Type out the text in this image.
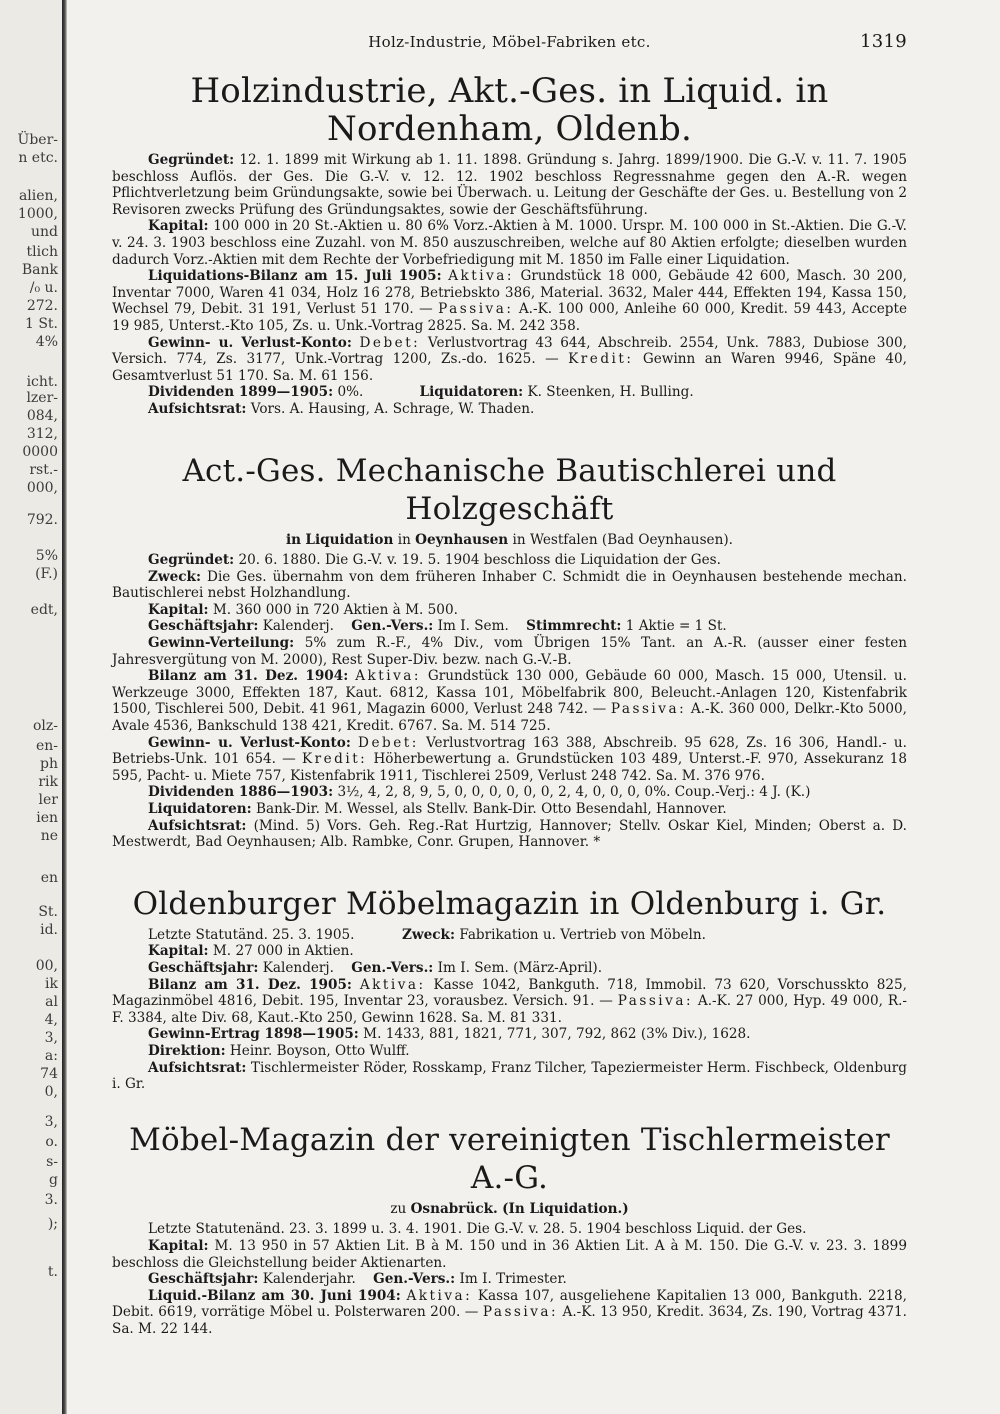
Über-
n etc.
alien,
1000,
und
tlich
Bank
/₀ u.
272.
1 St.
4%
icht.
lzer-
084,
312,
0000
rst.-
000,
792.
5%
(F.)
edt,
olz-
en-
ph
rik
ler
ien
ne
en
St.
id.
00,
ik
al
4,
3,
a:
74
0,
3,
o.
s-
g
3.
);
t.
Holz-Industrie, Möbel-Fabriken etc.	1319
Holzindustrie, Akt.-Ges. in Liquid. in Nordenham, Oldenb.

Gegründet: 12. 1. 1899 mit Wirkung ab 1. 11. 1898. Gründung s. Jahrg. 1899/1900. Die G.-V. v. 11. 7. 1905 beschloss Auflös. der Ges. Die G.-V. v. 12. 12. 1902 beschloss Regressnahme gegen den A.-R. wegen Pflichtverletzung beim Gründungsakte, sowie bei Überwach. u. Leitung der Geschäfte der Ges. u. Bestellung von 2 Revisoren zwecks Prüfung des Gründungsaktes, sowie der Geschäftsführung.

Kapital: 100 000 in 20 St.-Aktien u. 80 6% Vorz.-Aktien à M. 1000. Urspr. M. 100 000 in St.-Aktien. Die G.-V. v. 24. 3. 1903 beschloss eine Zuzahl. von M. 850 auszuschreiben, welche auf 80 Aktien erfolgte; dieselben wurden dadurch Vorz.-Aktien mit dem Rechte der Vorbefriedigung mit M. 1850 im Falle einer Liquidation.

Liquidations-Bilanz am 15. Juli 1905: Aktiva: Grundstück 18 000, Gebäude 42 600, Masch. 30 200, Inventar 7000, Waren 41 034, Holz 16 278, Betriebskto 386, Material. 3632, Maler 444, Effekten 194, Kassa 150, Wechsel 79, Debit. 31 191, Verlust 51 170. — Passiva: A.-K. 100 000, Anleihe 60 000, Kredit. 59 443, Accepte 19 985, Unterst.-Kto 105, Zs. u. Unk.-Vortrag 2825. Sa. M. 242 358.

Gewinn- u. Verlust-Konto: Debet: Verlustvortrag 43 644, Abschreib. 2554, Unk. 7883, Dubiose 300, Versich. 774, Zs. 3177, Unk.-Vortrag 1200, Zs.-do. 1625. — Kredit: Gewinn an Waren 9946, Späne 40, Gesamtverlust 51 170. Sa. M. 61 156.

Dividenden 1899—1905: 0%.	Liquidatoren: K. Steenken, H. Bulling.

Aufsichtsrat: Vors. A. Hausing, A. Schrage, W. Thaden.

Act.-Ges. Mechanische Bautischlerei und Holzgeschäft
in Liquidation in Oeynhausen in Westfalen (Bad Oeynhausen).

Gegründet: 20. 6. 1880. Die G.-V. v. 19. 5. 1904 beschloss die Liquidation der Ges.

Zweck: Die Ges. übernahm von dem früheren Inhaber C. Schmidt die in Oeynhausen bestehende mechan. Bautischlerei nebst Holzhandlung.

Kapital: M. 360 000 in 720 Aktien à M. 500.

Geschäftsjahr: Kalenderj. Gen.-Vers.: Im I. Sem. Stimmrecht: 1 Aktie = 1 St.

Gewinn-Verteilung: 5% zum R.-F., 4% Div., vom Übrigen 15% Tant. an A.-R. (ausser einer festen Jahresvergütung von M. 2000), Rest Super-Div. bezw. nach G.-V.-B.

Bilanz am 31. Dez. 1904: Aktiva: Grundstück 130 000, Gebäude 60 000, Masch. 15 000, Utensil. u. Werkzeuge 3000, Effekten 187, Kaut. 6812, Kassa 101, Möbelfabrik 800, Beleucht.-Anlagen 120, Kistenfabrik 1500, Tischlerei 500, Debit. 41 961, Magazin 6000, Verlust 248 742. — Passiva: A.-K. 360 000, Delkr.-Kto 5000, Avale 4536, Bankschuld 138 421, Kredit. 6767. Sa. M. 514 725.

Gewinn- u. Verlust-Konto: Debet: Verlustvortrag 163 388, Abschreib. 95 628, Zs. 16 306, Handl.- u. Betriebs-Unk. 101 654. — Kredit: Höherbewertung a. Grundstücken 103 489, Unterst.-F. 970, Assekuranz 18 595, Pacht- u. Miete 757, Kistenfabrik 1911, Tischlerei 2509, Verlust 248 742. Sa. M. 376 976.

Dividenden 1886—1903: 3½, 4, 2, 8, 9, 5, 0, 0, 0, 0, 0, 0, 2, 4, 0, 0, 0, 0%. Coup.-Verj.: 4 J. (K.)

Liquidatoren: Bank-Dir. M. Wessel, als Stellv. Bank-Dir. Otto Besendahl, Hannover.

Aufsichtsrat: (Mind. 5) Vors. Geh. Reg.-Rat Hurtzig, Hannover; Stellv. Oskar Kiel, Minden; Oberst a. D. Mestwerdt, Bad Oeynhausen; Alb. Rambke, Conr. Grupen, Hannover. *

Oldenburger Möbelmagazin in Oldenburg i. Gr.

Letzte Statutänd. 25. 3. 1905.	Zweck: Fabrikation u. Vertrieb von Möbeln.

Kapital: M. 27 000 in Aktien.

Geschäftsjahr: Kalenderj. Gen.-Vers.: Im I. Sem. (März-April).

Bilanz am 31. Dez. 1905: Aktiva: Kasse 1042, Bankguth. 718, Immobil. 73 620, Vorschusskto 825, Magazinmöbel 4816, Debit. 195, Inventar 23, vorausbez. Versich. 91. — Passiva: A.-K. 27 000, Hyp. 49 000, R.-F. 3384, alte Div. 68, Kaut.-Kto 250, Gewinn 1628. Sa. M. 81 331.

Gewinn-Ertrag 1898—1905: M. 1433, 881, 1821, 771, 307, 792, 862 (3% Div.), 1628.

Direktion: Heinr. Boyson, Otto Wulff.

Aufsichtsrat: Tischlermeister Röder, Rosskamp, Franz Tilcher, Tapeziermeister Herm. Fischbeck, Oldenburg i. Gr.

Möbel-Magazin der vereinigten Tischlermeister A.-G.
zu Osnabrück. (In Liquidation.)

Letzte Statutenänd. 23. 3. 1899 u. 3. 4. 1901. Die G.-V. v. 28. 5. 1904 beschloss Liquid. der Ges.

Kapital: M. 13 950 in 57 Aktien Lit. B à M. 150 und in 36 Aktien Lit. A à M. 150. Die G.-V. v. 23. 3. 1899 beschloss die Gleichstellung beider Aktienarten.

Geschäftsjahr: Kalenderjahr. Gen.-Vers.: Im I. Trimester.

Liquid.-Bilanz am 30. Juni 1904: Aktiva: Kassa 107, ausgeliehene Kapitalien 13 000, Bankguth. 2218, Debit. 6619, vorrätige Möbel u. Polsterwaren 200. — Passiva: A.-K. 13 950, Kredit. 3634, Zs. 190, Vortrag 4371. Sa. M. 22 144.
